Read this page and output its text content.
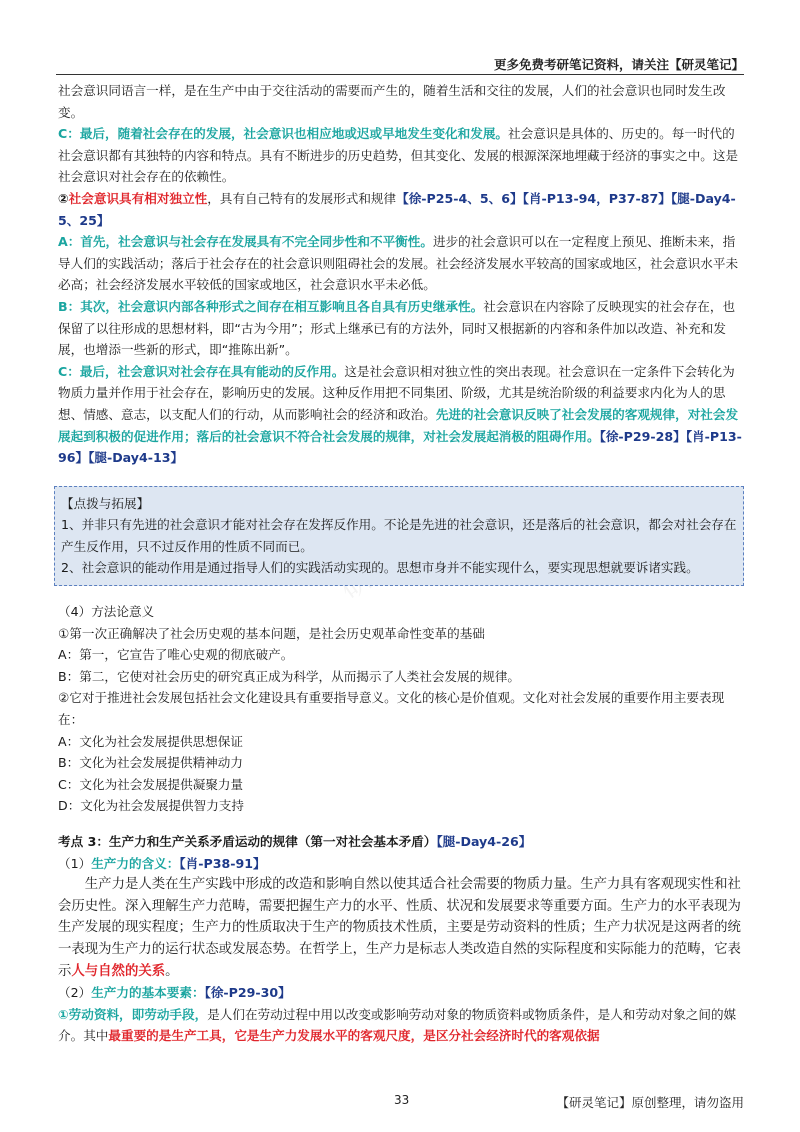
更多免费考研笔记资料，请关注【研灵笔记】

社会意识同语言一样，是在生产中由于交往活动的需要而产生的，随着生活和交往的发展，人们的社会意识也同时发生改变。

C：最后，随着社会存在的发展，社会意识也相应地或迟或早地发生变化和发展。社会意识是具体的、历史的。每一时代的社会意识都有其独特的内容和特点。具有不断进步的历史趋势，但其变化、发展的根源深深地埋藏于经济的事实之中。这是社会意识对社会存在的依赖性。

②社会意识具有相对独立性，具有自己特有的发展形式和规律【徐-P25-4、5、6】【肖-P13-94，P37-87】【腿-Day4-5、25】

A：首先，社会意识与社会存在发展具有不完全同步性和不平衡性。进步的社会意识可以在一定程度上预见、推断未来，指导人们的实践活动；落后于社会存在的社会意识则阻碍社会的发展。社会经济发展水平较高的国家或地区，社会意识水平未必高；社会经济发展水平较低的国家或地区，社会意识水平未必低。

B：其次，社会意识内部各种形式之间存在相互影响且各自具有历史继承性。社会意识在内容除了反映现实的社会存在，也保留了以往形成的思想材料，即“古为今用”；形式上继承已有的方法外，同时又根据新的内容和条件加以改造、补充和发展，也增添一些新的形式，即“推陈出新”。

C：最后，社会意识对社会存在具有能动的反作用。这是社会意识相对独立性的突出表现。社会意识在一定条件下会转化为物质力量并作用于社会存在，影响历史的发展。这种反作用把不同集团、阶级，尤其是统治阶级的利益要求内化为人的思想、情感、意志，以支配人们的行动，从而影响社会的经济和政治。先进的社会意识反映了社会发展的客观规律，对社会发展起到积极的促进作用；落后的社会意识不符合社会发展的规律，对社会发展起消极的阻碍作用。【徐-P29-28】【肖-P13-96】【腿-Day4-13】

【点拨与拓展】

1、并非只有先进的社会意识才能对社会存在发挥反作用。不论是先进的社会意识，还是落后的社会意识，都会对社会存在产生反作用，只不过反作用的性质不同而已。

2、社会意识的能动作用是通过指导人们的实践活动实现的。思想市身并不能实现什么，要实现思想就要诉诸实践。

（4）方法论意义

①第一次正确解决了社会历史观的基本问题，是社会历史观革命性变革的基础

A：第一，它宣告了唯心史观的彻底破产。

B：第二，它使对社会历史的研究真正成为科学，从而揭示了人类社会发展的规律。

②它对于推进社会发展包括社会文化建设具有重要指导意义。文化的核心是价值观。文化对社会发展的重要作用主要表现在：

A：文化为社会发展提供思想保证

B：文化为社会发展提供精神动力

C：文化为社会发展提供凝聚力量

D：文化为社会发展提供智力支持

考点 3：生产力和生产关系矛盾运动的规律（第一对社会基本矛盾）【腿-Day4-26】

（1）生产力的含义：【肖-P38-91】

生产力是人类在生产实践中形成的改造和影响自然以使其适合社会需要的物质力量。生产力具有客观现实性和社会历史性。深入理解生产力范畴，需要把握生产力的水平、性质、状况和发展要求等重要方面。生产力的水平表现为生产发展的现实程度；生产力的性质取决于生产的物质技术性质，主要是劳动资料的性质；生产力状况是这两者的统一表现为生产力的运行状态或发展态势。在哲学上，生产力是标志人类改造自然的实际程度和实际能力的范畴，它表示人与自然的关系。

（2）生产力的基本要素：【徐-P29-30】

①劳动资料，即劳动手段，是人们在劳动过程中用以改变或影响劳动对象的物质资料或物质条件，是人和劳动对象之间的媒介。其中最重要的是生产工具，它是生产力发展水平的客观尺度，是区分社会经济时代的客观依据

33	【研灵笔记】原创整理，请勿盗用
